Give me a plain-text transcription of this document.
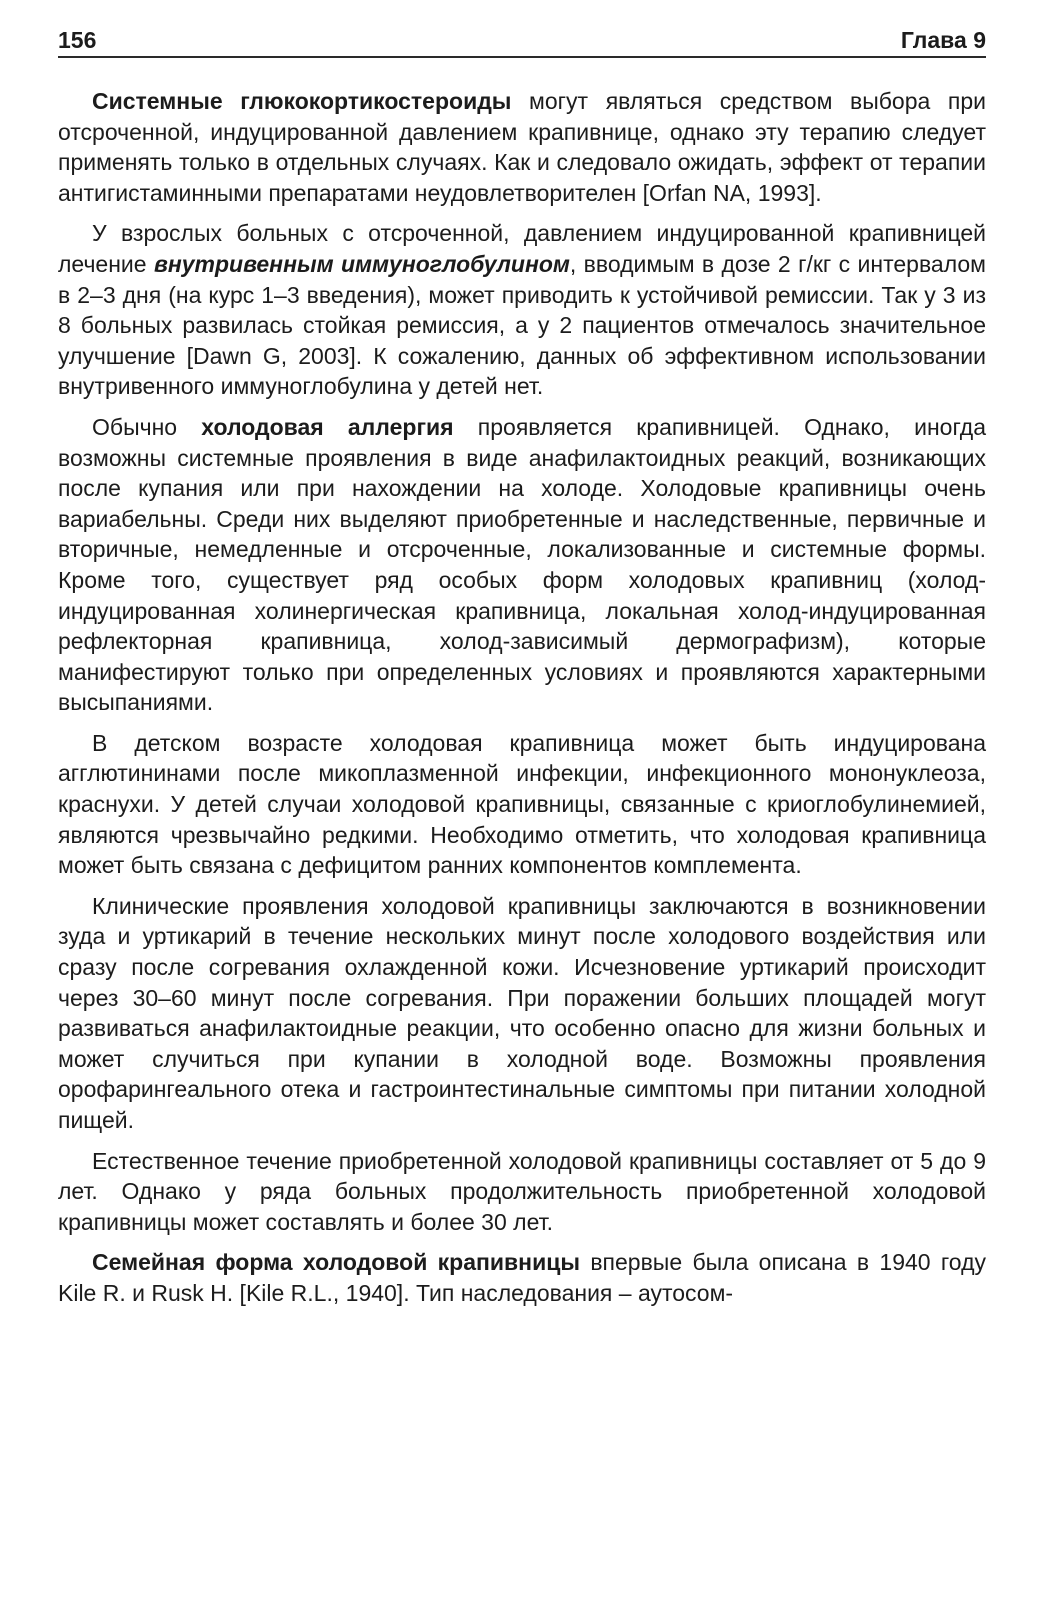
156	Глава 9

Системные глюкокортикостероиды могут являться средством выбора при отсроченной, индуцированной давлением крапивнице, однако эту терапию следует применять только в отдельных случаях. Как и следовало ожидать, эффект от терапии антигистаминными препаратами неудовлетворителен [Orfan NA, 1993].

У взрослых больных с отсроченной, давлением индуцированной крапивницей лечение внутривенным иммуноглобулином, вводимым в дозе 2 г/кг с интервалом в 2–3 дня (на курс 1–3 введения), может приводить к устойчивой ремиссии. Так у 3 из 8 больных развилась стойкая ремиссия, а у 2 пациентов отмечалось значительное улучшение [Dawn G, 2003]. К сожалению, данных об эффективном использовании внутривенного иммуноглобулина у детей нет.

Обычно холодовая аллергия проявляется крапивницей. Однако, иногда возможны системные проявления в виде анафилактоидных реакций, возникающих после купания или при нахождении на холоде. Холодовые крапивницы очень вариабельны. Среди них выделяют приобретенные и наследственные, первичные и вторичные, немедленные и отсроченные, локализованные и системные формы. Кроме того, существует ряд особых форм холодовых крапивниц (холод-индуцированная холинергическая крапивница, локальная холод-индуцированная рефлекторная крапивница, холод-зависимый дермографизм), которые манифестируют только при определенных условиях и проявляются характерными высыпаниями.

В детском возрасте холодовая крапивница может быть индуцирована агглютининами после микоплазменной инфекции, инфекционного мононуклеоза, краснухи. У детей случаи холодовой крапивницы, связанные с криоглобулинемией, являются чрезвычайно редкими. Необходимо отметить, что холодовая крапивница может быть связана с дефицитом ранних компонентов комплемента.

Клинические проявления холодовой крапивницы заключаются в возникновении зуда и уртикарий в течение нескольких минут после холодового воздействия или сразу после согревания охлажденной кожи. Исчезновение уртикарий происходит через 30–60 минут после согревания. При поражении больших площадей могут развиваться анафилактоидные реакции, что особенно опасно для жизни больных и может случиться при купании в холодной воде. Возможны проявления орофарингеального отека и гастроинтестинальные симптомы при питании холодной пищей.

Естественное течение приобретенной холодовой крапивницы составляет от 5 до 9 лет. Однако у ряда больных продолжительность приобретенной холодовой крапивницы может составлять и более 30 лет.

Семейная форма холодовой крапивницы впервые была описана в 1940 году Kile R. и Rusk H. [Kile R.L., 1940]. Тип наследования – аутосом-
